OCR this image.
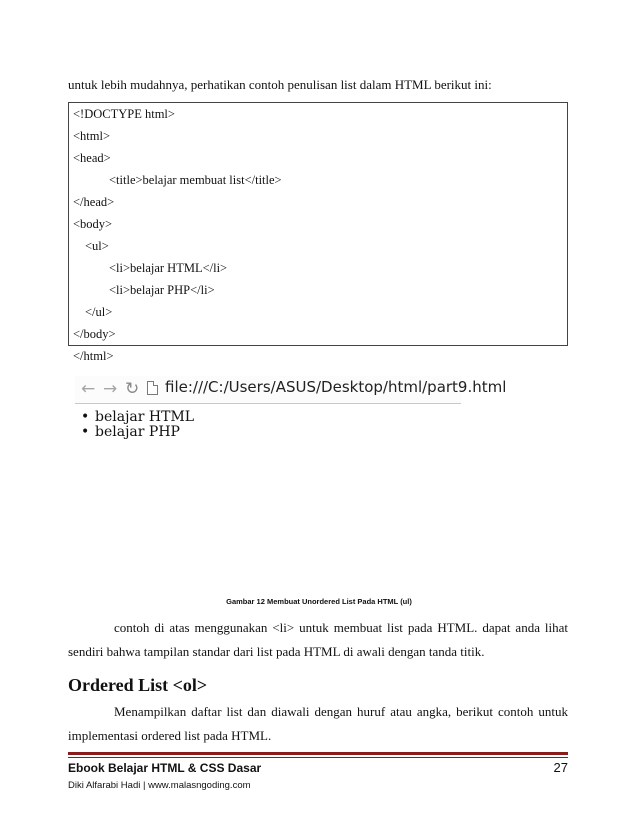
untuk lebih mudahnya, perhatikan contoh penulisan list dalam HTML berikut ini:
<!DOCTYPE html>
<html>
<head>
<title>belajar membuat list</title>
</head>
<body>
<ul>
<li>belajar HTML</li>
<li>belajar PHP</li>
</ul>
</body>
</html>
← → ↻ file:///C:/Users/ASUS/Desktop/html/part9.html
• belajar HTML
• belajar PHP
Gambar 12 Membuat Unordered List Pada HTML (ul)
contoh di atas menggunakan <li> untuk membuat list pada HTML. dapat anda lihat sendiri bahwa tampilan standar dari list pada HTML di awali dengan tanda titik.
Ordered List <ol>
Menampilkan daftar list dan diawali dengan huruf atau angka, berikut contoh untuk implementasi ordered list pada HTML.
Ebook Belajar HTML & CSS Dasar	27
Diki Alfarabi Hadi | www.malasngoding.com
